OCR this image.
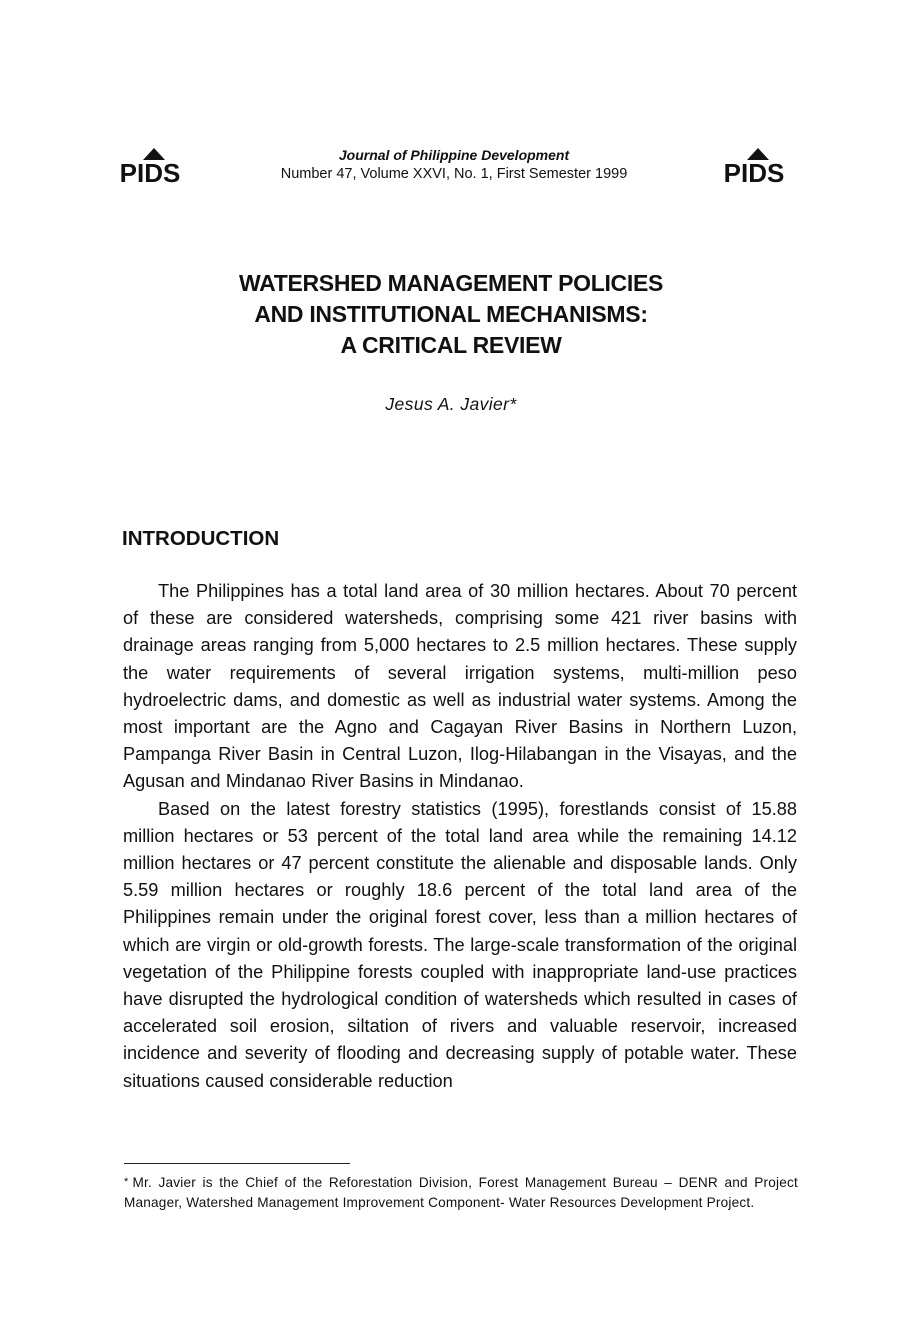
PIDS	PIDS
Journal of Philippine Development
Number 47, Volume XXVI, No. 1, First Semester 1999
WATERSHED MANAGEMENT POLICIES
AND INSTITUTIONAL MECHANISMS:
A CRITICAL REVIEW
Jesus A. Javier*
INTRODUCTION

The Philippines has a total land area of 30 million hectares. About 70 percent of these are considered watersheds, comprising some 421 river basins with drainage areas ranging from 5,000 hectares to 2.5 million hectares. These supply the water requirements of several irrigation systems, multi-million peso hydroelectric dams, and domestic as well as industrial water systems. Among the most important are the Agno and Cagayan River Basins in Northern Luzon, Pampanga River Basin in Central Luzon, Ilog-Hilabangan in the Visayas, and the Agusan and Mindanao River Basins in Mindanao.

Based on the latest forestry statistics (1995), forestlands consist of 15.88 million hectares or 53 percent of the total land area while the remaining 14.12 million hectares or 47 percent constitute the alienable and disposable lands. Only 5.59 million hectares or roughly 18.6 percent of the total land area of the Philippines remain under the original forest cover, less than a million hectares of which are virgin or old-growth forests. The large-scale transformation of the original vegetation of the Philippine forests coupled with inappropriate land-use practices have disrupted the hydrological condition of watersheds which resulted in cases of accelerated soil erosion, siltation of rivers and valuable reservoir, increased incidence and severity of flooding and decreasing supply of potable water. These situations caused considerable reduction

* Mr. Javier is the Chief of the Reforestation Division, Forest Management Bureau – DENR and Project Manager, Watershed Management Improvement Component- Water Resources Development Project.
